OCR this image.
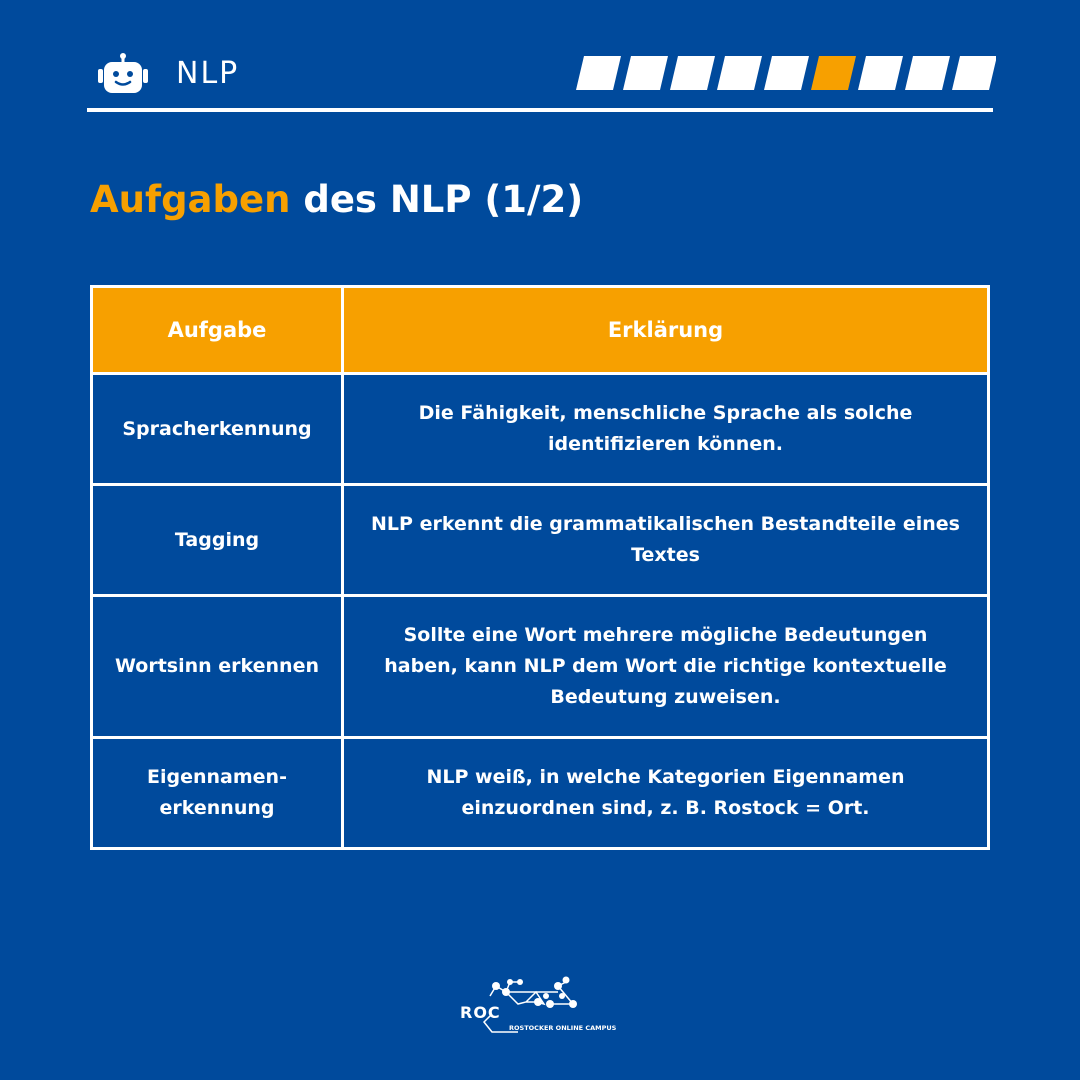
NLP
Aufgaben des NLP (1/2)
Aufgabe	Erklärung
Spracherkennung	Die Fähigkeit, menschliche Sprache als solche identifizieren können.
Tagging	NLP erkennt die grammatikalischen Bestandteile eines Textes
Wortsinn erkennen	Sollte eine Wort mehrere mögliche Bedeutungen haben, kann NLP dem Wort die richtige kontextuelle Bedeutung zuweisen.
Eigennamen-erkennung	NLP weiß, in welche Kategorien Eigennamen einzuordnen sind, z. B. Rostock = Ort.
ROC
ROSTOCKER ONLINE CAMPUS
